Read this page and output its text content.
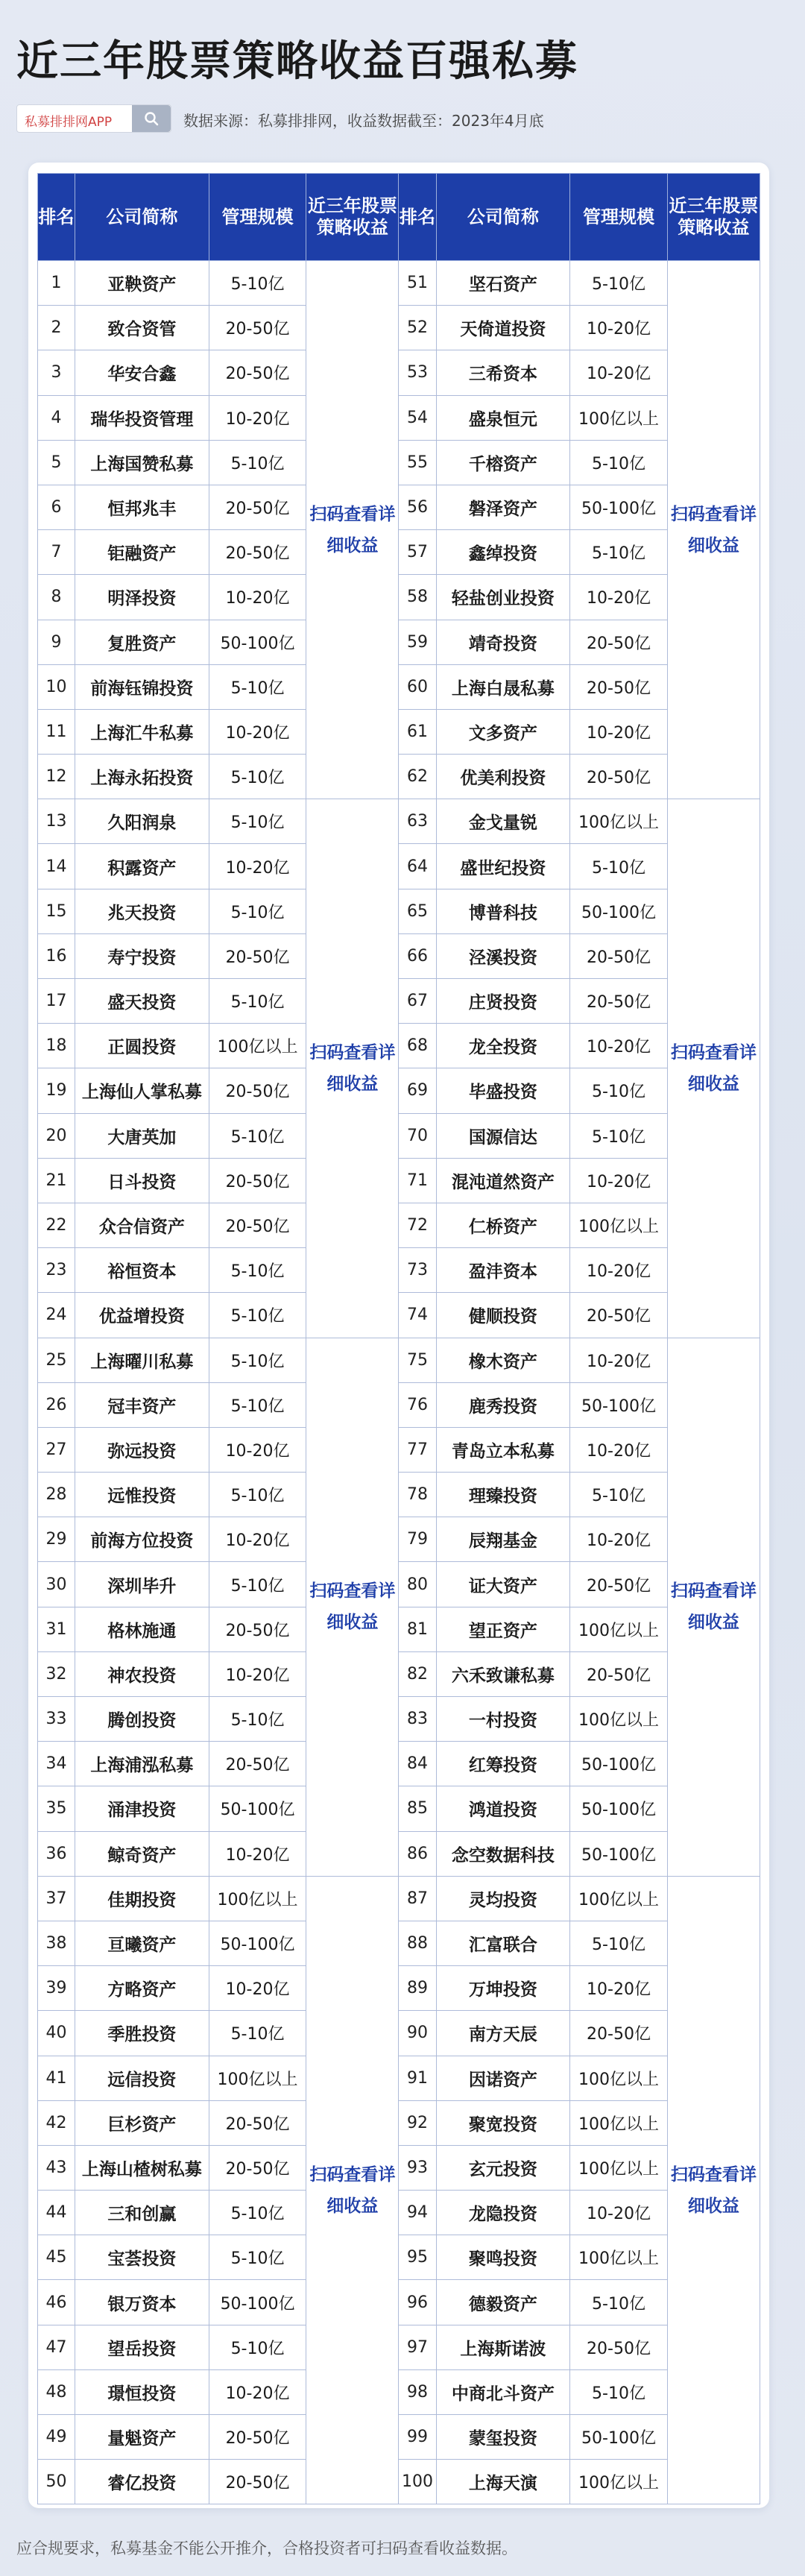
近三年股票策略收益百强私募
私募排排网APP	数据来源：私募排排网，收益数据截至：2023年4月底
排名	公司简称	管理规模	近三年股票策略收益	排名	公司简称	管理规模	近三年股票策略收益
1	亚鞅资产	5-10亿	扫码查看详细收益	51	坚石资产	5-10亿	扫码查看详细收益
2	致合资管	20-50亿		52	天倚道投资	10-20亿	
3	华安合鑫	20-50亿		53	三希资本	10-20亿	
4	瑞华投资管理	10-20亿		54	盛泉恒元	100亿以上	
5	上海国赞私募	5-10亿		55	千榕资产	5-10亿	
6	恒邦兆丰	20-50亿		56	磐泽资产	50-100亿	
7	钜融资产	20-50亿		57	鑫绰投资	5-10亿	
8	明泽投资	10-20亿		58	轻盐创业投资	10-20亿	
9	复胜资产	50-100亿		59	靖奇投资	20-50亿	
10	前海钰锦投资	5-10亿		60	上海白晟私募	20-50亿	
11	上海汇牛私募	10-20亿		61	文多资产	10-20亿	
12	上海永拓投资	5-10亿		62	优美利投资	20-50亿	
13	久阳润泉	5-10亿	扫码查看详细收益	63	金戈量锐	100亿以上	扫码查看详细收益
14	积露资产	10-20亿		64	盛世纪投资	5-10亿	
15	兆天投资	5-10亿		65	博普科技	50-100亿	
16	寿宁投资	20-50亿		66	泾溪投资	20-50亿	
17	盛天投资	5-10亿		67	庄贤投资	20-50亿	
18	正圆投资	100亿以上		68	龙全投资	10-20亿	
19	上海仙人掌私募	20-50亿		69	毕盛投资	5-10亿	
20	大唐英加	5-10亿		70	国源信达	5-10亿	
21	日斗投资	20-50亿		71	混沌道然资产	10-20亿	
22	众合信资产	20-50亿		72	仁桥资产	100亿以上	
23	裕恒资本	5-10亿		73	盈沣资本	10-20亿	
24	优益增投资	5-10亿		74	健顺投资	20-50亿	
25	上海曜川私募	5-10亿	扫码查看详细收益	75	橡木资产	10-20亿	扫码查看详细收益
26	冠丰资产	5-10亿		76	鹿秀投资	50-100亿	
27	弥远投资	10-20亿		77	青岛立本私募	10-20亿	
28	远惟投资	5-10亿		78	理臻投资	5-10亿	
29	前海方位投资	10-20亿		79	辰翔基金	10-20亿	
30	深圳毕升	5-10亿		80	证大资产	20-50亿	
31	格林施通	20-50亿		81	望正资产	100亿以上	
32	神农投资	10-20亿		82	六禾致谦私募	20-50亿	
33	腾创投资	5-10亿		83	一村投资	100亿以上	
34	上海浦泓私募	20-50亿		84	红筹投资	50-100亿	
35	涌津投资	50-100亿		85	鸿道投资	50-100亿	
36	鲸奇资产	10-20亿		86	念空数据科技	50-100亿	
37	佳期投资	100亿以上	扫码查看详细收益	87	灵均投资	100亿以上	扫码查看详细收益
38	亘曦资产	50-100亿		88	汇富联合	5-10亿	
39	方略资产	10-20亿		89	万坤投资	10-20亿	
40	季胜投资	5-10亿		90	南方天辰	20-50亿	
41	远信投资	100亿以上		91	因诺资产	100亿以上	
42	巨杉资产	20-50亿		92	聚宽投资	100亿以上	
43	上海山楂树私募	20-50亿		93	玄元投资	100亿以上	
44	三和创赢	5-10亿		94	龙隐投资	10-20亿	
45	宝荟投资	5-10亿		95	聚鸣投资	100亿以上	
46	银万资本	50-100亿		96	德毅资产	5-10亿	
47	望岳投资	5-10亿		97	上海斯诺波	20-50亿	
48	璟恒投资	10-20亿		98	中商北斗资产	5-10亿	
49	量魁资产	20-50亿		99	蒙玺投资	50-100亿	
50	睿亿投资	20-50亿		100	上海天演	100亿以上	
应合规要求，私募基金不能公开推介，合格投资者可扫码查看收益数据。
